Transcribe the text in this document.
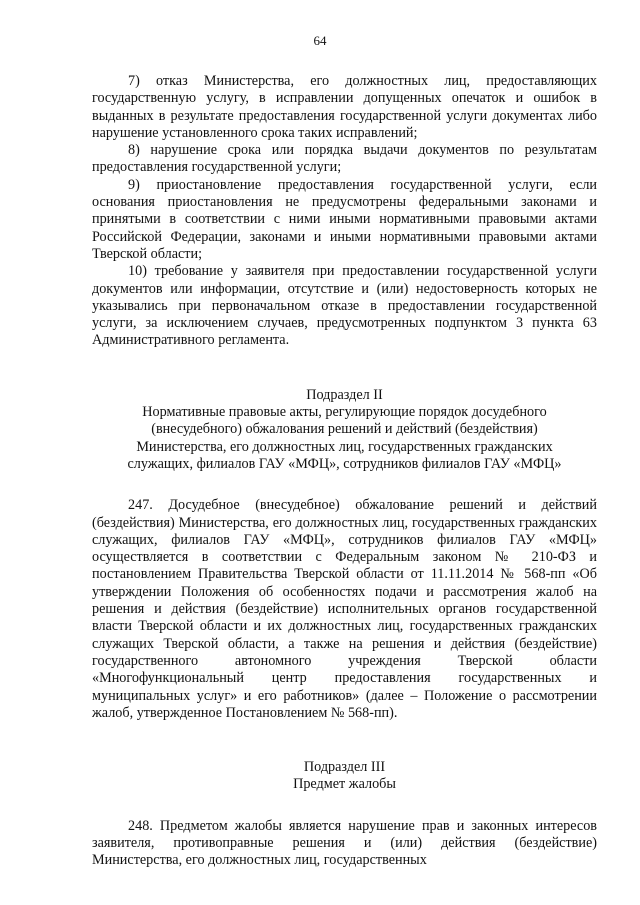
64

7) отказ Министерства, его должностных лиц, предоставляющих государственную услугу, в исправлении допущенных опечаток и ошибок в выданных в результате предоставления государственной услуги документах либо нарушение установленного срока таких исправлений;

8) нарушение срока или порядка выдачи документов по результатам предоставления государственной услуги;

9) приостановление предоставления государственной услуги, если основания приостановления не предусмотрены федеральными законами и принятыми в соответствии с ними иными нормативными правовыми актами Российской Федерации, законами и иными нормативными правовыми актами Тверской области;

10) требование у заявителя при предоставлении государственной услуги документов или информации, отсутствие и (или) недостоверность которых не указывались при первоначальном отказе в предоставлении государственной услуги, за исключением случаев, предусмотренных подпунктом 3 пункта 63 Административного регламента.

Подраздел II
Нормативные правовые акты, регулирующие порядок досудебного
(внесудебного) обжалования решений и действий (бездействия)
Министерства, его должностных лиц, государственных гражданских
служащих, филиалов ГАУ «МФЦ», сотрудников филиалов ГАУ «МФЦ»

247. Досудебное (внесудебное) обжалование решений и действий (бездействия) Министерства, его должностных лиц, государственных гражданских служащих, филиалов ГАУ «МФЦ», сотрудников филиалов ГАУ «МФЦ» осуществляется в соответствии с Федеральным законом № 210-ФЗ и постановлением Правительства Тверской области от 11.11.2014 № 568-пп «Об утверждении Положения об особенностях подачи и рассмотрения жалоб на решения и действия (бездействие) исполнительных органов государственной власти Тверской области и их должностных лиц, государственных гражданских служащих Тверской области, а также на решения и действия (бездействие) государственного автономного учреждения Тверской области «Многофункциональный центр предоставления государственных и муниципальных услуг» и его работников» (далее – Положение о рассмотрении жалоб, утвержденное Постановлением № 568-пп).

Подраздел III
Предмет жалобы

248. Предметом жалобы является нарушение прав и законных интересов заявителя, противоправные решения и (или) действия (бездействие) Министерства, его должностных лиц, государственных
